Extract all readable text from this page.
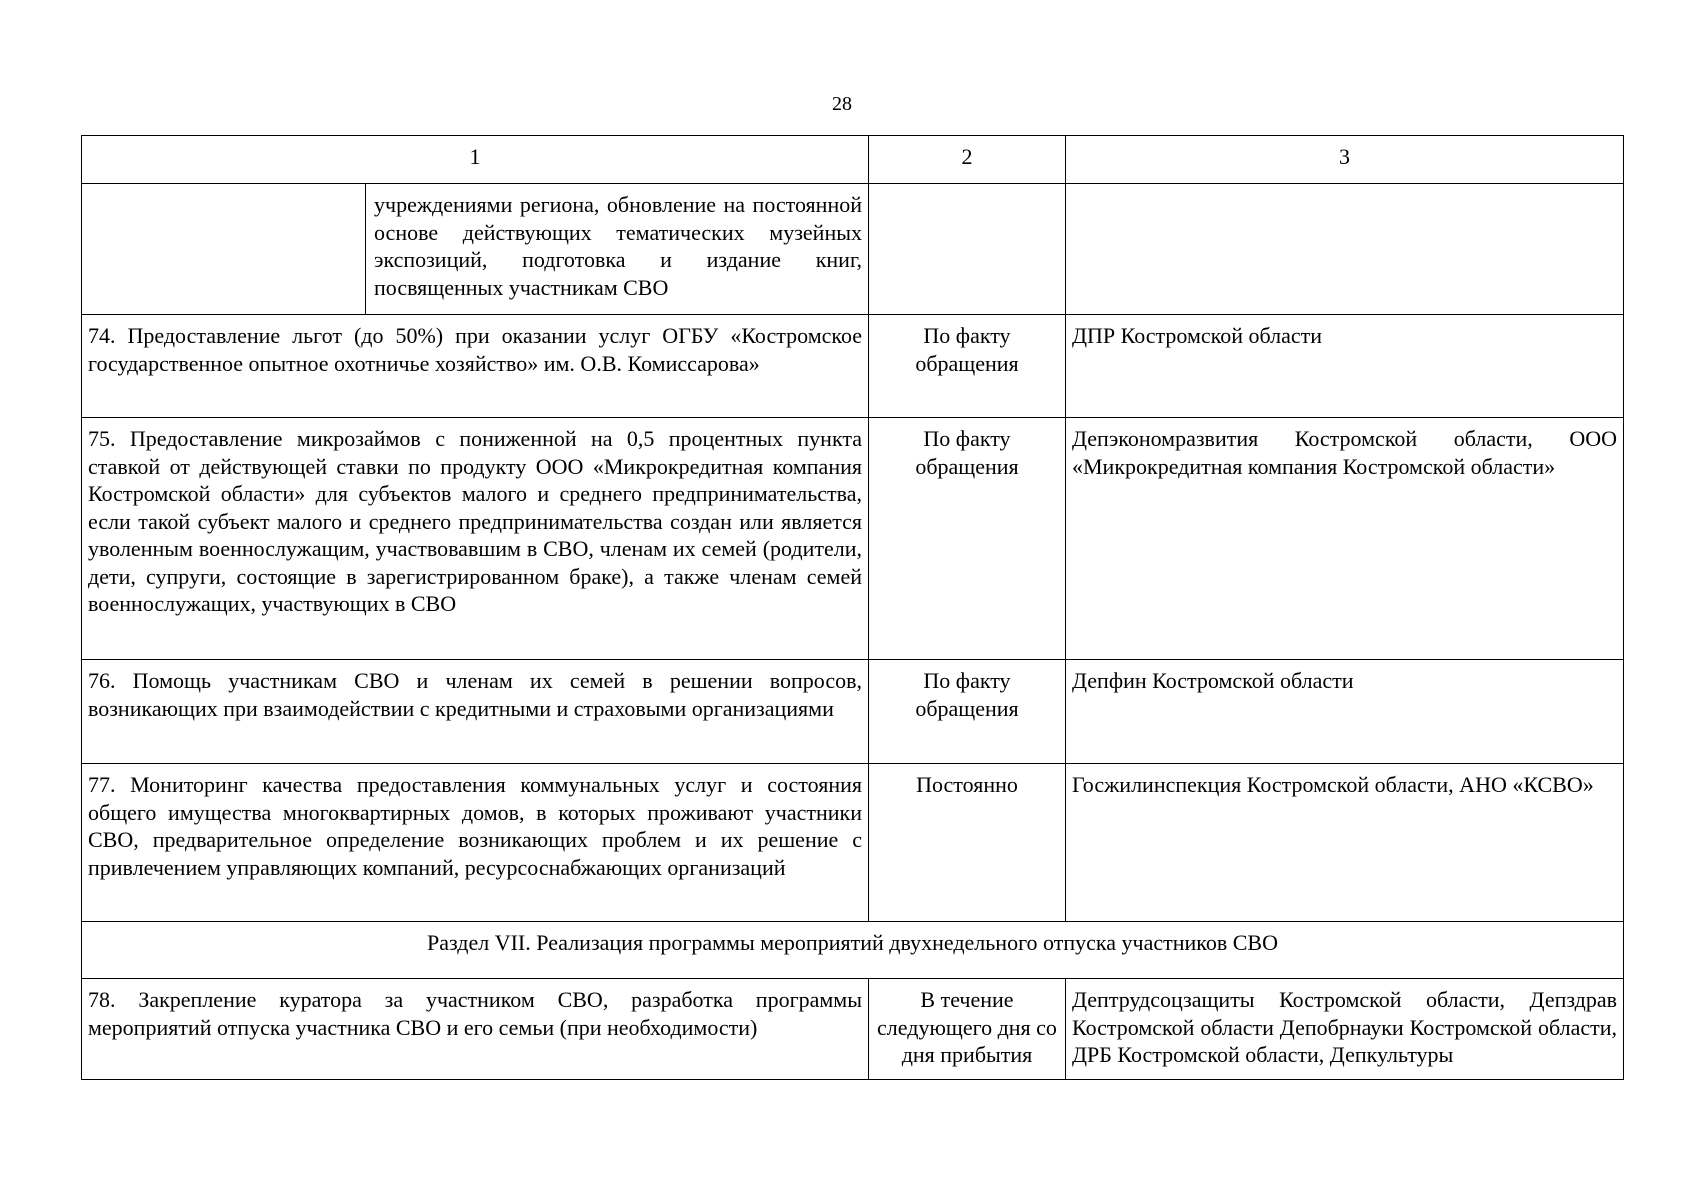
28
1		2	3
	учреждениями региона, обновление на постоянной основе действующих тематических музейных экспозиций, подготовка и издание книг, посвященных участникам СВО		
74. Предоставление льгот (до 50%) при оказании услуг ОГБУ «Костромское государственное опытное охотничье хозяйство» им. О.В. Комиссарова»		По факту обращения	ДПР Костромской области
75. Предоставление микрозаймов с пониженной на 0,5 процентных пункта ставкой от действующей ставки по продукту ООО «Микрокредитная компания Костромской области» для субъектов малого и среднего предпринимательства, если такой субъект малого и среднего предпринимательства создан или является уволенным военнослужащим, участвовавшим в СВО, членам их семей (родители, дети, супруги, состоящие в зарегистрированном браке), а также членам семей военнослужащих, участвующих в СВО		По факту обращения	Депэкономразвития Костромской области, ООО «Микрокредитная компания Костромской области»
76. Помощь участникам СВО и членам их семей в решении вопросов, возникающих при взаимодействии с кредитными и страховыми организациями		По факту обращения	Депфин Костромской области
77. Мониторинг качества предоставления коммунальных услуг и состояния общего имущества многоквартирных домов, в которых проживают участники СВО, предварительное определение возникающих проблем и их решение с привлечением управляющих компаний, ресурсоснабжающих организаций		Постоянно	Госжилинспекция Костромской области, АНО «КСВО»
Раздел VII. Реализация программы мероприятий двухнедельного отпуска участников СВО			
78. Закрепление куратора за участником СВО, разработка программы мероприятий отпуска участника СВО и его семьи (при необходимости)		В течение следующего дня со дня прибытия	Дептрудсоцзащиты Костромской области, Депздрав Костромской области Депобрнауки Костромской области, ДРБ Костромской области, Депкультуры
